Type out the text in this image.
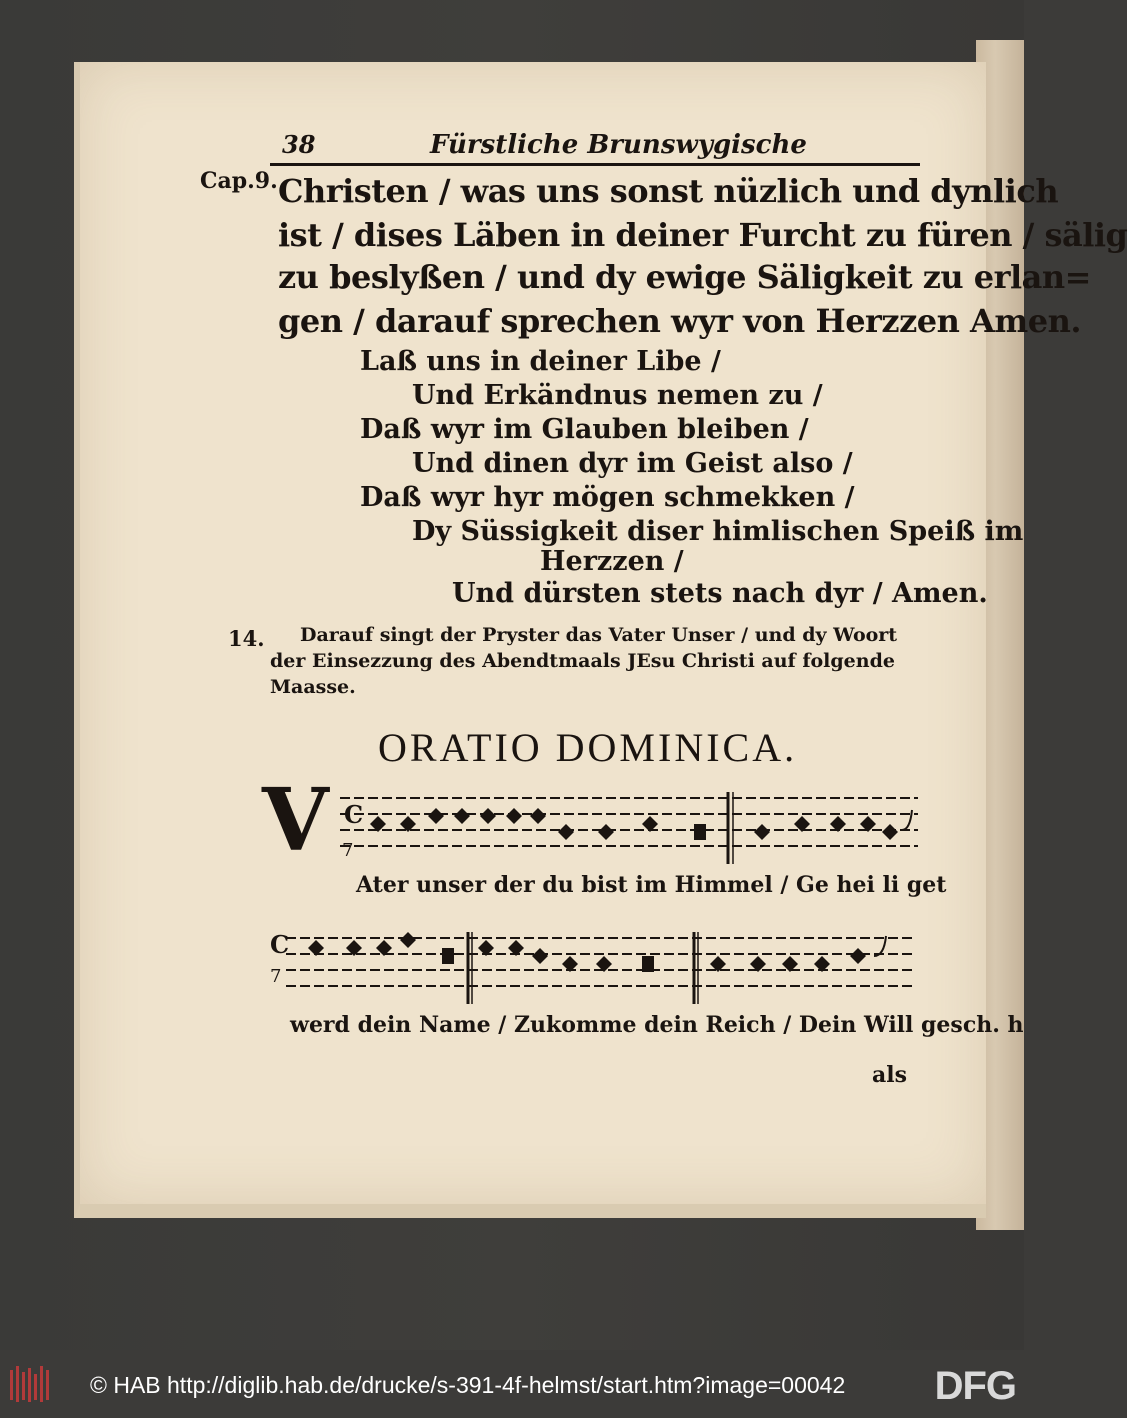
38	Fürstliche Brunswygische
Cap.9. Christen / was uns sonst nüzlich und dynlich
ist / dises Läben in deiner Furcht zu füren / sälig
zu beslyßen / und dy ewige Säligkeit zu erlan=
gen / darauf sprechen wyr von Herzzen Amen.
Laß uns in deiner Libe /
Und Erkändnus nemen zu /
Daß wyr im Glauben bleiben /
Und dinen dyr im Geist also /
Daß wyr hyr mögen schmekken /
Dy Süssigkeit diser himlischen Speiß im
Herzzen /
Und dürsten stets nach dyr / Amen.
14. Darauf singt der Pryster das Vater Unser / und dy Woort
der Einsezzung des Abendtmaals JEsu Christi auf folgende
Maasse.
ORATIO DOMINICA.
V C
7
Ater unser der du bist im Himmel / Ge hei li get
C
7
werd dein Name / Zukomme dein Reich / Dein Will gesch. h
als
© HAB http://diglib.hab.de/drucke/s-391-4f-helmst/start.htm?image=00042 DFG
